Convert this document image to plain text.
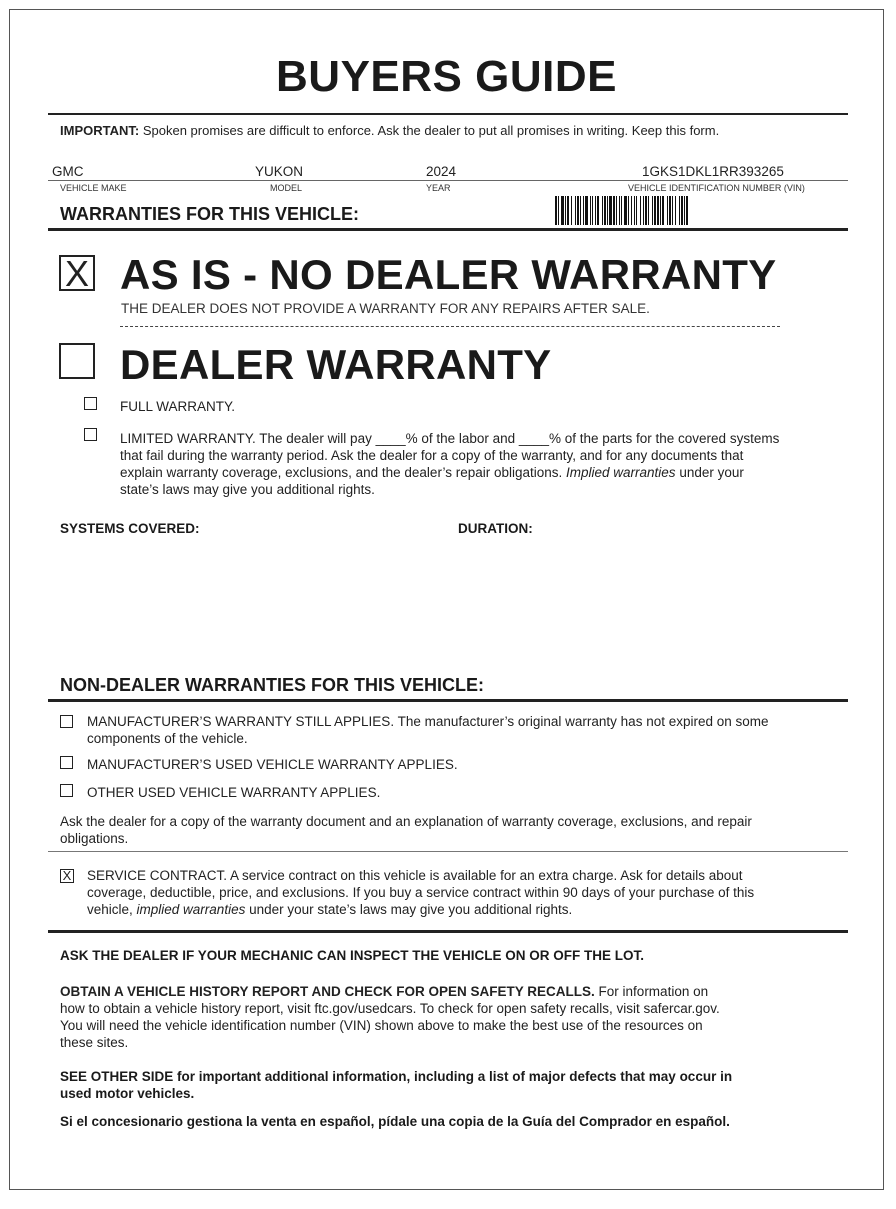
BUYERS GUIDE
IMPORTANT: Spoken promises are difficult to enforce. Ask the dealer to put all promises in writing. Keep this form.
GMC	YUKON	2024	1GKS1DKL1RR393265
VEHICLE MAKE	MODEL	YEAR	VEHICLE IDENTIFICATION NUMBER (VIN)
WARRANTIES FOR THIS VEHICLE:
X AS IS - NO DEALER WARRANTY
THE DEALER DOES NOT PROVIDE A WARRANTY FOR ANY REPAIRS AFTER SALE.
DEALER WARRANTY
FULL WARRANTY.
LIMITED WARRANTY. The dealer will pay ____% of the labor and ____% of the parts for the covered systems
that fail during the warranty period. Ask the dealer for a copy of the warranty, and for any documents that
explain warranty coverage, exclusions, and the dealer’s repair obligations. Implied warranties under your
state’s laws may give you additional rights.
SYSTEMS COVERED:	DURATION:
NON-DEALER WARRANTIES FOR THIS VEHICLE:
MANUFACTURER’S WARRANTY STILL APPLIES. The manufacturer’s original warranty has not expired on some
components of the vehicle.
MANUFACTURER’S USED VEHICLE WARRANTY APPLIES.
OTHER USED VEHICLE WARRANTY APPLIES.
Ask the dealer for a copy of the warranty document and an explanation of warranty coverage, exclusions, and repair
obligations.
X SERVICE CONTRACT. A service contract on this vehicle is available for an extra charge. Ask for details about
coverage, deductible, price, and exclusions. If you buy a service contract within 90 days of your purchase of this
vehicle, implied warranties under your state’s laws may give you additional rights.
ASK THE DEALER IF YOUR MECHANIC CAN INSPECT THE VEHICLE ON OR OFF THE LOT.
OBTAIN A VEHICLE HISTORY REPORT AND CHECK FOR OPEN SAFETY RECALLS. For information on
how to obtain a vehicle history report, visit ftc.gov/usedcars. To check for open safety recalls, visit safercar.gov.
You will need the vehicle identification number (VIN) shown above to make the best use of the resources on
these sites.
SEE OTHER SIDE for important additional information, including a list of major defects that may occur in
used motor vehicles.
Si el concesionario gestiona la venta en español, pídale una copia de la Guía del Comprador en español.
